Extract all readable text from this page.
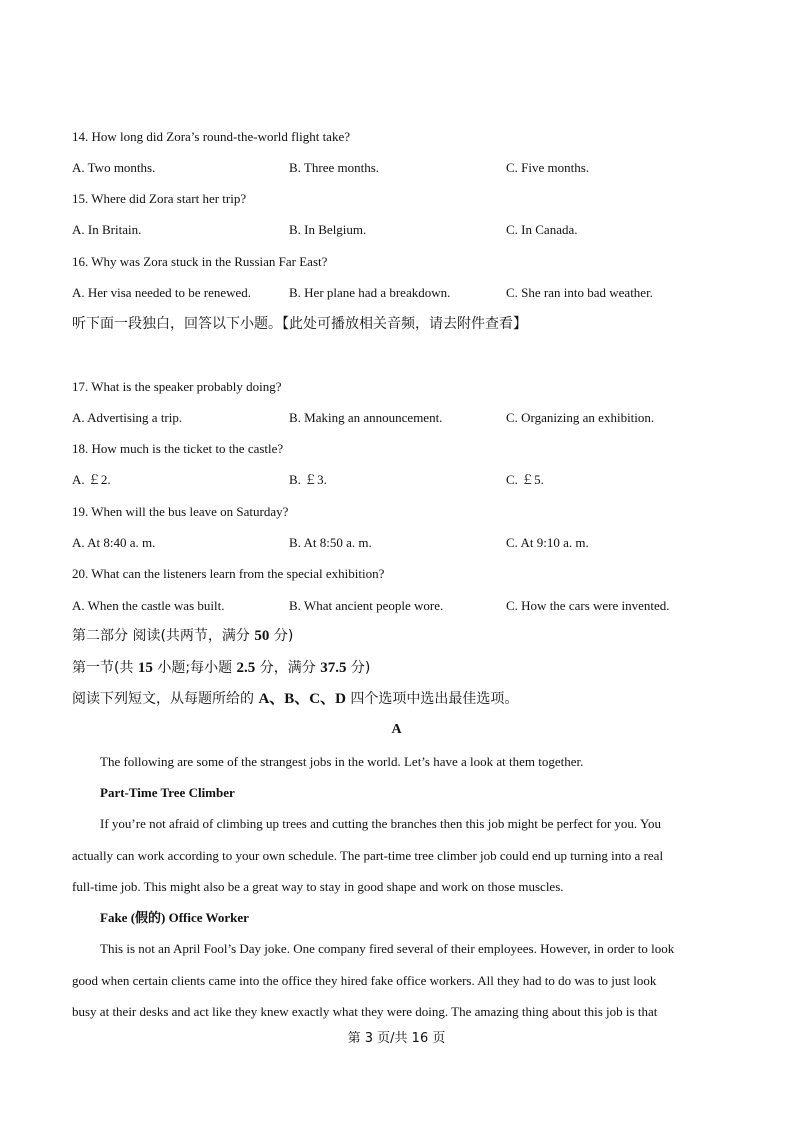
14. How long did Zora’s round-the-world flight take?
A. Two months.	B. Three months.	C. Five months.
15. Where did Zora start her trip?
A. In Britain.	B. In Belgium.	C. In Canada.
16. Why was Zora stuck in the Russian Far East?
A. Her visa needed to be renewed.	B. Her plane had a breakdown.	C. She ran into bad weather.
听下面一段独白，回答以下小题。【此处可播放相关音频，请去附件查看】
17. What is the speaker probably doing?
A. Advertising a trip.	B. Making an announcement.	C. Organizing an exhibition.
18. How much is the ticket to the castle?
A. ￡2.	B. ￡3.	C. ￡5.
19. When will the bus leave on Saturday?
A. At 8:40 a. m.	B. At 8:50 a. m.	C. At 9:10 a. m.
20. What can the listeners learn from the special exhibition?
A. When the castle was built.	B. What ancient people wore.	C. How the cars were invented.
第二部分 阅读(共两节，满分 50 分)
第一节(共 15 小题;每小题 2.5 分，满分 37.5 分)
阅读下列短文，从每题所给的 A、B、C、D 四个选项中选出最佳选项。
A
The following are some of the strangest jobs in the world. Let’s have a look at them together.
Part-Time Tree Climber

If you’re not afraid of climbing up trees and cutting the branches then this job might be perfect for you. You

actually can work according to your own schedule. The part-time tree climber job could end up turning into a real

full-time job. This might also be a great way to stay in good shape and work on those muscles.

Fake (假的) Office Worker

This is not an April Fool’s Day joke. One company fired several of their employees. However, in order to look

good when certain clients came into the office they hired fake office workers. All they had to do was to just look

busy at their desks and act like they knew exactly what they were doing. The amazing thing about this job is that

第 3 页/共 16 页
